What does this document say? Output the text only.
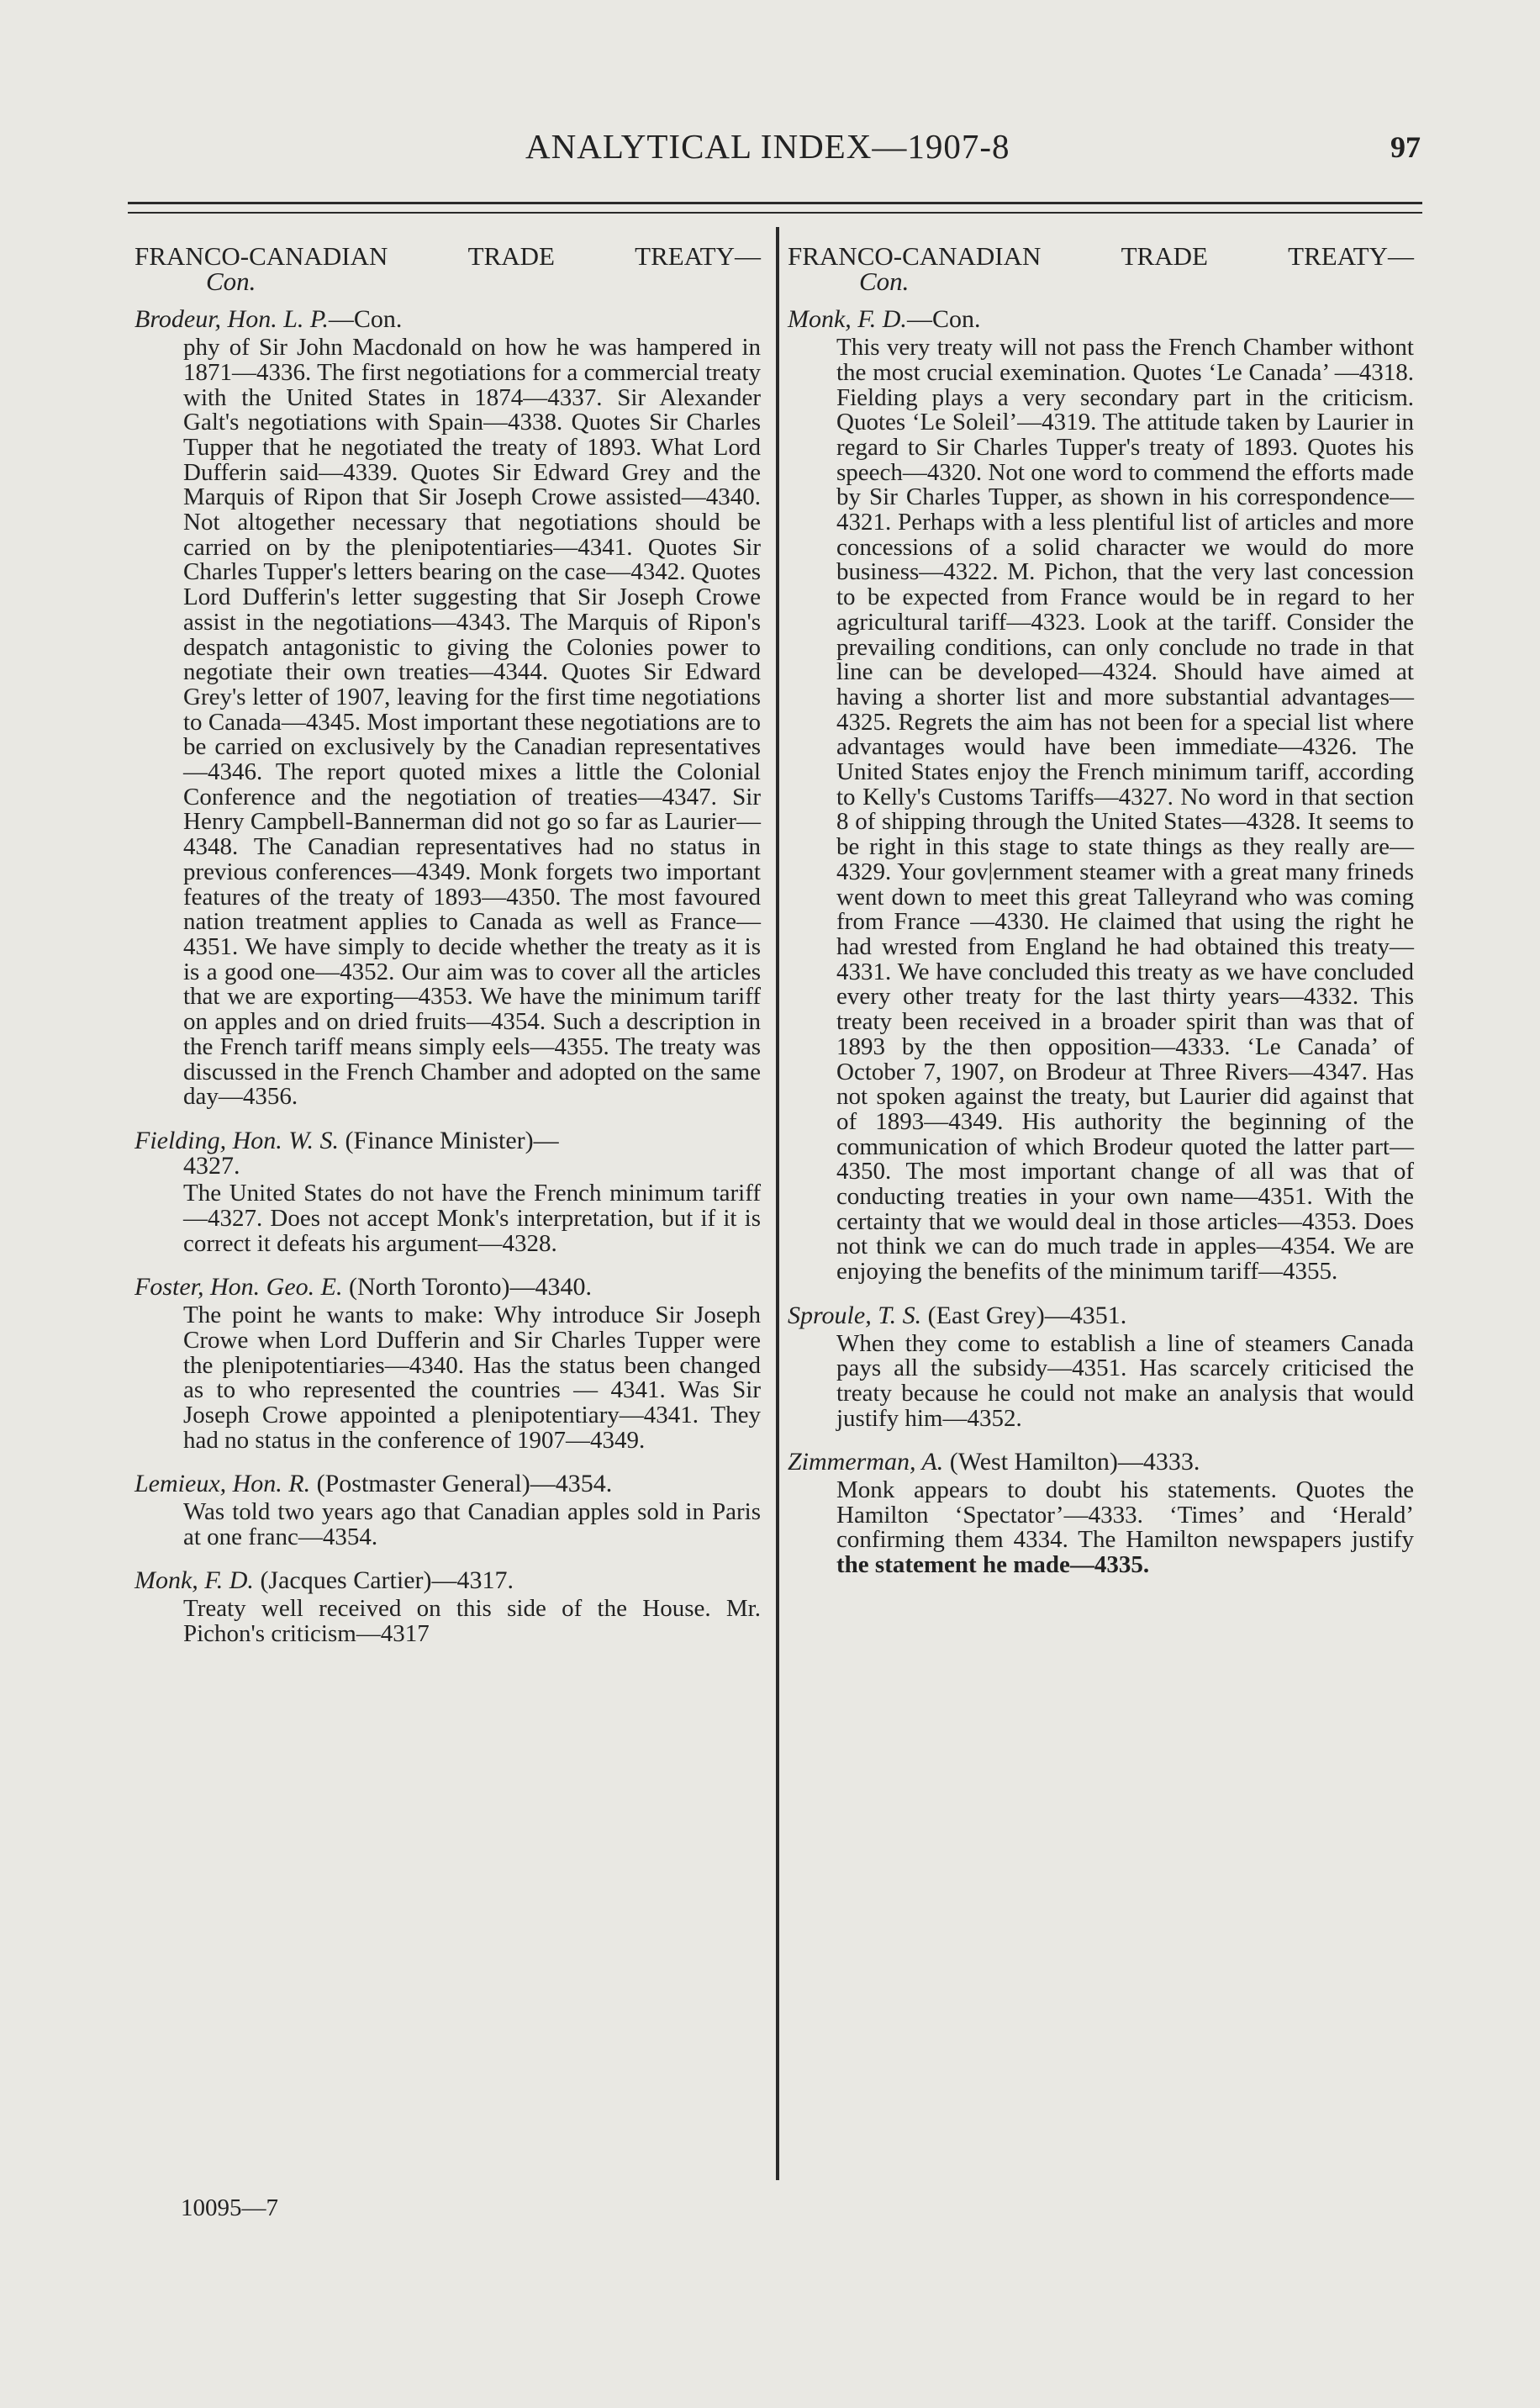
ANALYTICAL INDEX—1907-8	97

FRANCO-CANADIAN TRADE TREATY—

Con.

Brodeur, Hon. L. P.—Con.

phy of Sir John Macdonald on how he was hampered in 1871—4336. The first negotiations for a commercial treaty with the United States in 1874—4337. Sir Alexander Galt's negotiations with Spain—4338. Quotes Sir Charles Tupper that he negotiated the treaty of 1893. What Lord Dufferin said—4339. Quotes Sir Edward Grey and the Marquis of Ripon that Sir Joseph Crowe assisted—4340. Not altogether necessary that negotiations should be carried on by the plenipotentiaries—4341. Quotes Sir Charles Tupper's letters bearing on the case—4342. Quotes Lord Dufferin's letter suggesting that Sir Joseph Crowe assist in the negotiations—4343. The Marquis of Ripon's despatch antagonistic to giving the Colonies power to negotiate their own treaties—4344. Quotes Sir Edward Grey's letter of 1907, leaving for the first time negotiations to Canada—4345. Most important these negotiations are to be carried on exclusively by the Canadian representatives—4346. The report quoted mixes a little the Colonial Conference and the negotiation of treaties—4347. Sir Henry Campbell-Bannerman did not go so far as Laurier—4348. The Canadian representatives had no status in previous conferences—4349. Monk forgets two important features of the treaty of 1893—4350. The most favoured nation treatment applies to Canada as well as France—4351. We have simply to decide whether the treaty as it is is a good one—4352. Our aim was to cover all the articles that we are exporting—4353. We have the minimum tariff on apples and on dried fruits—4354. Such a description in the French tariff means simply eels—4355. The treaty was discussed in the French Chamber and adopted on the same day—4356.

Fielding, Hon. W. S. (Finance Minister)—
4327.

The United States do not have the French minimum tariff—4327. Does not accept Monk's interpretation, but if it is correct it defeats his argument—4328.

Foster, Hon. Geo. E. (North Toronto)—4340.

The point he wants to make: Why introduce Sir Joseph Crowe when Lord Dufferin and Sir Charles Tupper were the plenipotentiaries—4340. Has the status been changed as to who represented the countries — 4341. Was Sir Joseph Crowe appointed a plenipotentiary—4341. They had no status in the conference of 1907—4349.

Lemieux, Hon. R. (Postmaster General)—4354.

Was told two years ago that Canadian apples sold in Paris at one franc—4354.

Monk, F. D. (Jacques Cartier)—4317.

Treaty well received on this side of the House. Mr. Pichon's criticism—4317

FRANCO-CANADIAN TRADE TREATY—

Con.

Monk, F. D.—Con.

This very treaty will not pass the French Chamber withont the most crucial exemination. Quotes ‘Le Canada’ —4318. Fielding plays a very secondary part in the criticism. Quotes ‘Le Soleil’—4319. The attitude taken by Laurier in regard to Sir Charles Tupper's treaty of 1893. Quotes his speech—4320. Not one word to commend the efforts made by Sir Charles Tupper, as shown in his correspondence—4321. Perhaps with a less plentiful list of articles and more concessions of a solid character we would do more business—4322. M. Pichon, that the very last concession to be expected from France would be in regard to her agricultural tariff—4323. Look at the tariff. Consider the prevailing conditions, can only conclude no trade in that line can be developed—4324. Should have aimed at having a shorter list and more substantial advantages—4325. Regrets the aim has not been for a special list where advantages would have been immediate—4326. The United States enjoy the French minimum tariff, according to Kelly's Customs Tariffs—4327. No word in that section 8 of shipping through the United States—4328. It seems to be right in this stage to state things as they really are—4329. Your gov|ernment steamer with a great many frineds went down to meet this great Talleyrand who was coming from France —4330. He claimed that using the right he had wrested from England he had obtained this treaty—4331. We have concluded this treaty as we have concluded every other treaty for the last thirty years—4332. This treaty been received in a broader spirit than was that of 1893 by the then opposition—4333. ‘Le Canada’ of October 7, 1907, on Brodeur at Three Rivers—4347. Has not spoken against the treaty, but Laurier did against that of 1893—4349. His authority the beginning of the communication of which Brodeur quoted the latter part—4350. The most important change of all was that of conducting treaties in your own name—4351. With the certainty that we would deal in those articles—4353. Does not think we can do much trade in apples—4354. We are enjoying the benefits of the minimum tariff—4355.

Sproule, T. S. (East Grey)—4351.

When they come to establish a line of steamers Canada pays all the subsidy—4351. Has scarcely criticised the treaty because he could not make an analysis that would justify him—4352.

Zimmerman, A. (West Hamilton)—4333.

Monk appears to doubt his statements. Quotes the Hamilton ‘Spectator’—4333. ‘Times’ and ‘Herald’ confirming them 4334. The Hamilton newspapers justify the statement he made—4335.

10095—7
